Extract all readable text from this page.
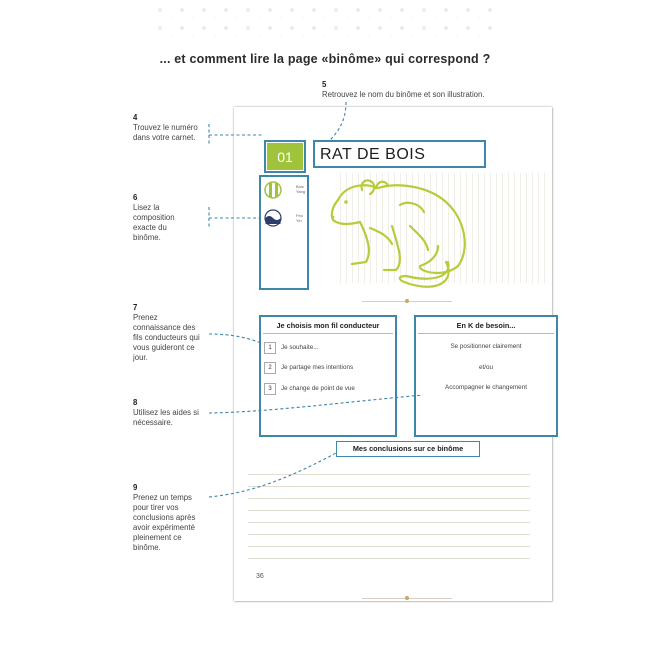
... et comment lire la page «binôme» qui correspond ?
4
Trouvez le numéro dans votre carnet.
5
Retrouvez le nom du binôme et son illustration.
6
Lisez la composition exacte du binôme.
7
Prenez connaissance des fils conducteurs qui vous guideront ce jour.
8
Utilisez les aides si nécessaire.
9
Prenez un temps pour tirer vos conclusions après avoir expérimenté pleinement ce binôme.
Bois
Yang
Feu
Yin
01	RAT DE BOIS
Je choisis mon fil conducteur
1 Je souhaite...
2 Je partage mes intentions
3 Je change de point de vue
En K de besoin...
Se positionner clairement
et/ou
Accompagner le changement
Mes conclusions sur ce binôme
36
